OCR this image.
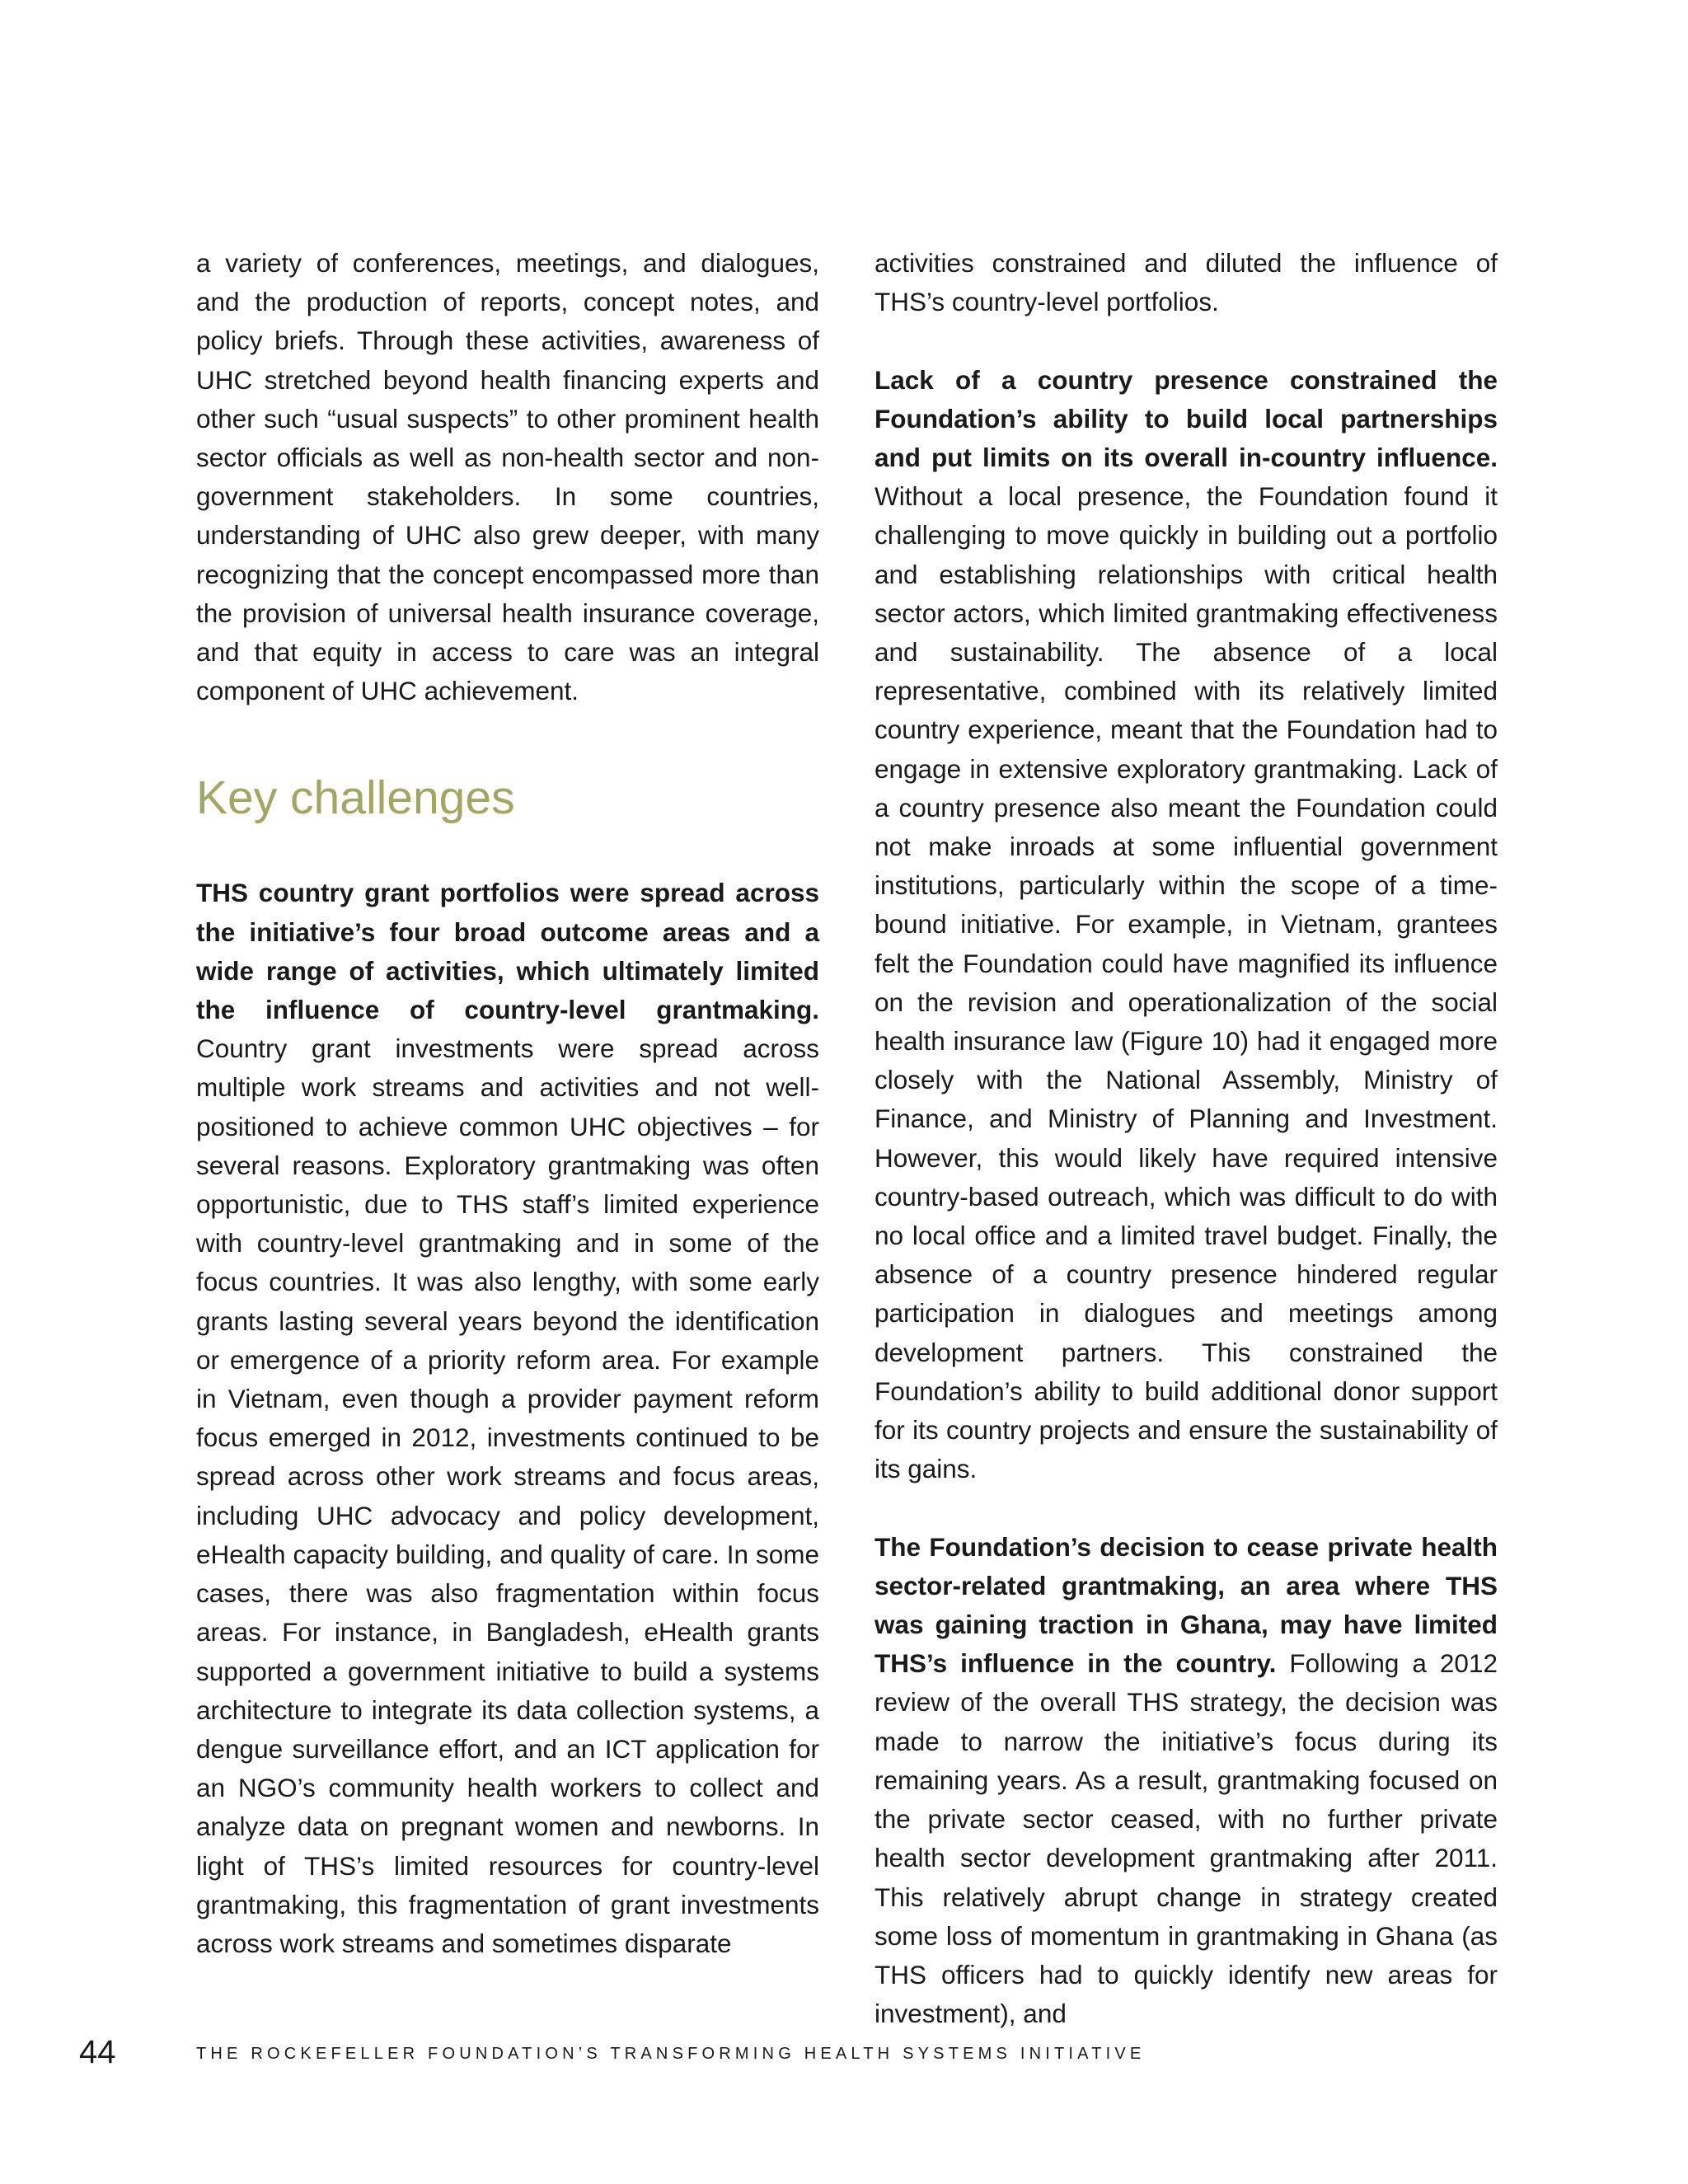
a variety of conferences, meetings, and dialogues, and the production of reports, concept notes, and policy briefs. Through these activities, awareness of UHC stretched beyond health financing experts and other such “usual suspects” to other prominent health sector officials as well as non-health sector and non-government stakeholders. In some countries, understanding of UHC also grew deeper, with many recognizing that the concept encompassed more than the provision of universal health insurance coverage, and that equity in access to care was an integral component of UHC achievement.

Key challenges

THS country grant portfolios were spread across the initiative’s four broad outcome areas and a wide range of activities, which ultimately limited the influence of country-level grantmaking. Country grant investments were spread across multiple work streams and activities and not well-positioned to achieve common UHC objectives – for several reasons. Exploratory grantmaking was often opportunistic, due to THS staff’s limited experience with country-level grantmaking and in some of the focus countries. It was also lengthy, with some early grants lasting several years beyond the identification or emergence of a priority reform area. For example in Vietnam, even though a provider payment reform focus emerged in 2012, investments continued to be spread across other work streams and focus areas, including UHC advocacy and policy development, eHealth capacity building, and quality of care. In some cases, there was also fragmentation within focus areas. For instance, in Bangladesh, eHealth grants supported a government initiative to build a systems architecture to integrate its data collection systems, a dengue surveillance effort, and an ICT application for an NGO’s community health workers to collect and analyze data on pregnant women and newborns. In light of THS’s limited resources for country-level grantmaking, this fragmentation of grant investments across work streams and sometimes disparate

activities constrained and diluted the influence of THS’s country-level portfolios.

Lack of a country presence constrained the Foundation’s ability to build local partnerships and put limits on its overall in-country influence. Without a local presence, the Foundation found it challenging to move quickly in building out a portfolio and establishing relationships with critical health sector actors, which limited grantmaking effectiveness and sustainability. The absence of a local representative, combined with its relatively limited country experience, meant that the Foundation had to engage in extensive exploratory grantmaking. Lack of a country presence also meant the Foundation could not make inroads at some influential government institutions, particularly within the scope of a time-bound initiative. For example, in Vietnam, grantees felt the Foundation could have magnified its influence on the revision and operationalization of the social health insurance law (Figure 10) had it engaged more closely with the National Assembly, Ministry of Finance, and Ministry of Planning and Investment. However, this would likely have required intensive country-based outreach, which was difficult to do with no local office and a limited travel budget. Finally, the absence of a country presence hindered regular participation in dialogues and meetings among development partners. This constrained the Foundation’s ability to build additional donor support for its country projects and ensure the sustainability of its gains.

The Foundation’s decision to cease private health sector-related grantmaking, an area where THS was gaining traction in Ghana, may have limited THS’s influence in the country. Following a 2012 review of the overall THS strategy, the decision was made to narrow the initiative’s focus during its remaining years. As a result, grantmaking focused on the private sector ceased, with no further private health sector development grantmaking after 2011. This relatively abrupt change in strategy created some loss of momentum in grantmaking in Ghana (as THS officers had to quickly identify new areas for investment), and

44	THE ROCKEFELLER FOUNDATION’S TRANSFORMING HEALTH SYSTEMS INITIATIVE
